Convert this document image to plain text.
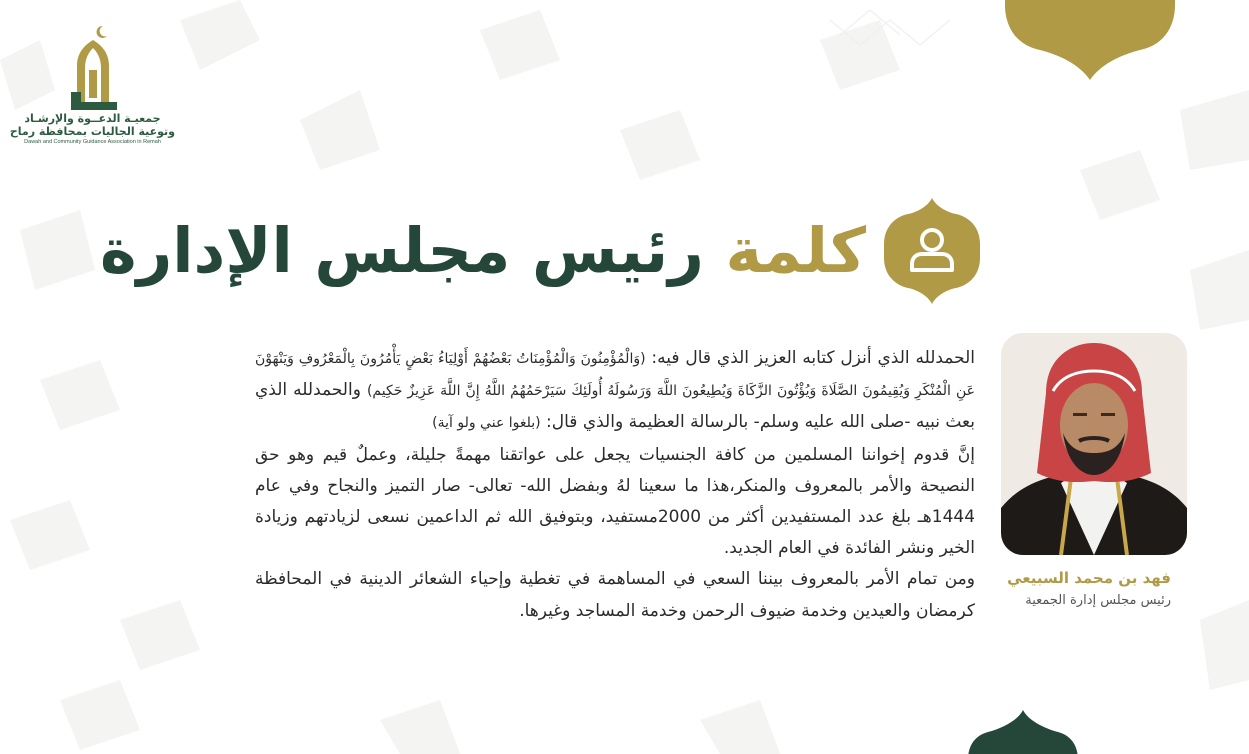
جمعيـة الدعــوة والإرشـاد
وتوعية الجاليات بمحافظة رماح
Dawah and Community Guidance Association in Remah
كلمة رئيس مجلس الإدارة
فهد بن محمد السبيعي
رئيس مجلس إدارة الجمعية

الحمدلله الذي أنزل كتابه العزيز الذي قال فيه: (وَالْمُؤْمِنُونَ وَالْمُؤْمِنَاتُ بَعْضُهُمْ أَوْلِيَاءُ بَعْضٍ يَأْمُرُونَ بِالْمَعْرُوفِ وَيَنْهَوْنَ عَنِ الْمُنْكَرِ وَيُقِيمُونَ الصَّلَاةَ وَيُؤْتُونَ الزَّكَاةَ وَيُطِيعُونَ اللَّهَ وَرَسُولَهُ أُولَئِكَ سَيَرْحَمُهُمُ اللَّهُ إِنَّ اللَّهَ عَزِيزٌ حَكِيم) والحمدلله الذي بعث نبيه -صلى الله عليه وسلم- بالرسالة العظيمة والذي قال: (بلغوا عني ولو آية)

إنَّ قدوم إخواننا المسلمين من كافة الجنسيات يجعل على عواتقنا مهمةً جليلة، وعملٌ قيم وهو حق النصيحة والأمر بالمعروف والمنكر،هذا ما سعينا لهُ وبفضل الله- تعالى- صار التميز والنجاح وفي عام 1444هـ بلغ عدد المستفيدين أكثر من 2000مستفيد، وبتوفيق الله ثم الداعمين نسعى لزيادتهم وزيادة الخير ونشر الفائدة في العام الجديد.

ومن تمام الأمر بالمعروف بيننا السعي في المساهمة في تغطية وإحياء الشعائر الدينية في المحافظة كرمضان والعيدين وخدمة ضيوف الرحمن وخدمة المساجد وغيرها.
